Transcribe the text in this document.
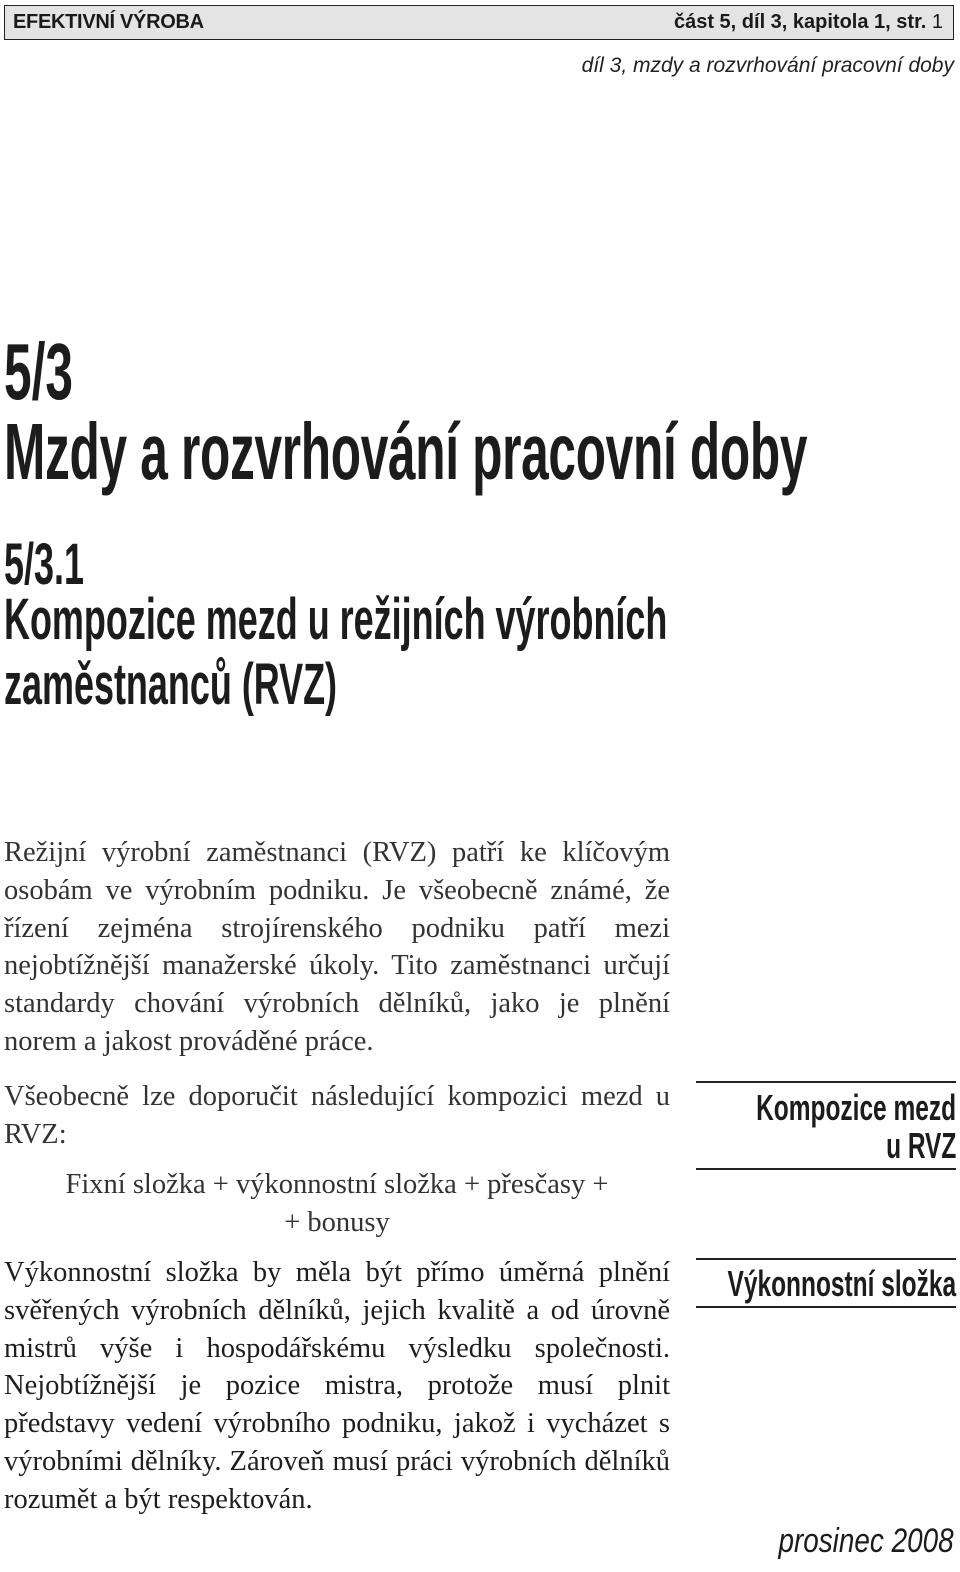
EFEKTIVNÍ VÝROBA	část 5, díl 3, kapitola 1, str. 1
díl 3, mzdy a rozvrhování pracovní doby
5/3
Mzdy a rozvrhování pracovní doby
5/3.1
Kompozice mezd u režijních výrobních
zaměstnanců (RVZ)

Režijní výrobní zaměstnanci (RVZ) patří ke klíčovým osobám ve výrobním podniku. Je všeobecně známé, že řízení zejména strojírenského podniku patří mezi nejobtížnější manažerské úkoly. Tito zaměstnanci určují standardy chování výrobních dělníků, jako je plnění norem a jakost prováděné práce.

Všeobecně lze doporučit následující kompozici mezd u RVZ:

Fixní složka + výkonnostní složka + přesčasy +
+ bonusy

Výkonnostní složka by měla být přímo úměrná plnění svěřených výrobních dělníků, jejich kvalitě a od úrovně mistrů výše i hospodářskému výsledku společnosti. Nejobtížnější je pozice mistra, protože musí plnit představy vedení výrobního podniku, jakož i vycházet s výrobními dělníky. Zároveň musí práci výrobních dělníků rozumět a být respektován.

Kompozice mezd
u RVZ
Výkonnostní složka
prosinec 2008
